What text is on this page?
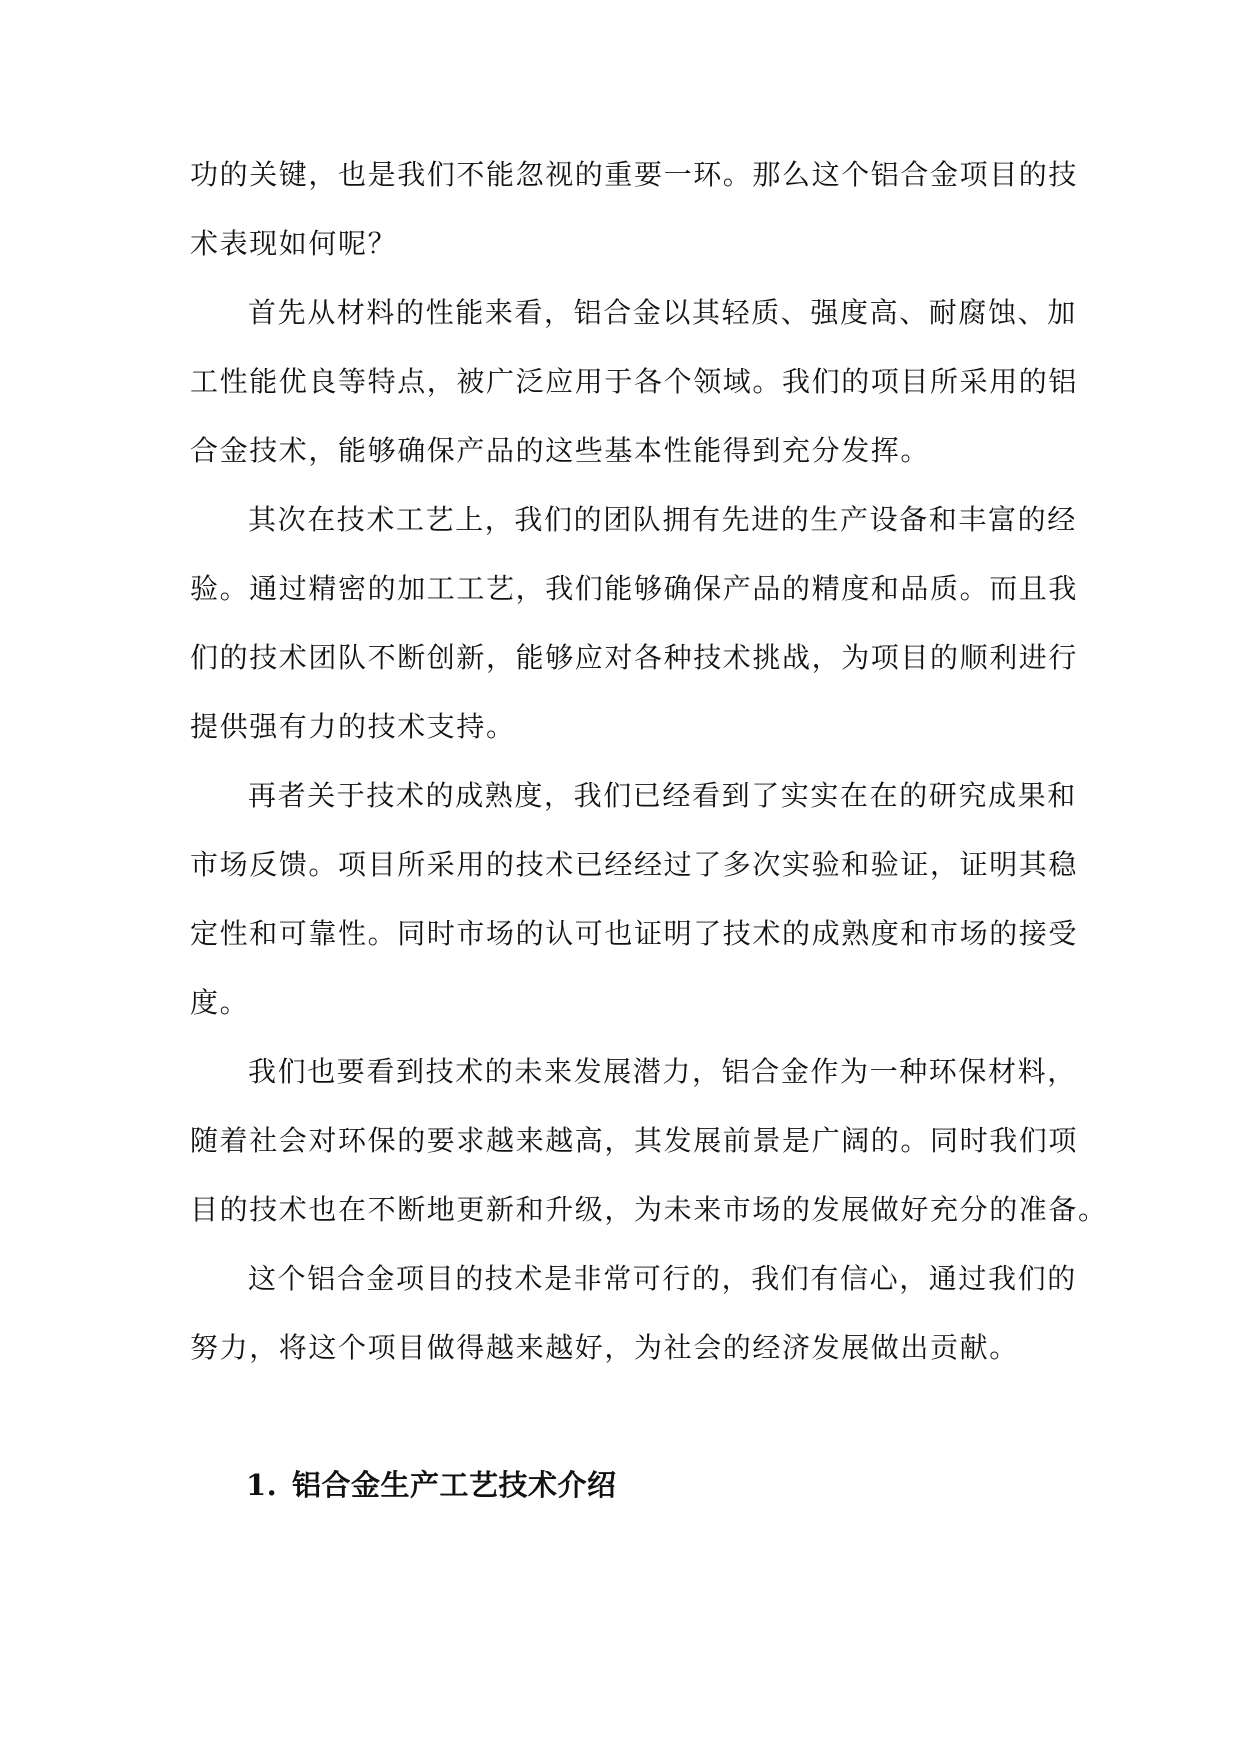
功的关键，也是我们不能忽视的重要一环。那么这个铝合金项目的技
术表现如何呢？
首先从材料的性能来看，铝合金以其轻质、强度高、耐腐蚀、加
工性能优良等特点，被广泛应用于各个领域。我们的项目所采用的铝
合金技术，能够确保产品的这些基本性能得到充分发挥。
其次在技术工艺上，我们的团队拥有先进的生产设备和丰富的经
验。通过精密的加工工艺，我们能够确保产品的精度和品质。而且我
们的技术团队不断创新，能够应对各种技术挑战，为项目的顺利进行
提供强有力的技术支持。
再者关于技术的成熟度，我们已经看到了实实在在的研究成果和
市场反馈。项目所采用的技术已经经过了多次实验和验证，证明其稳
定性和可靠性。同时市场的认可也证明了技术的成熟度和市场的接受
度。
我们也要看到技术的未来发展潜力，铝合金作为一种环保材料，
随着社会对环保的要求越来越高，其发展前景是广阔的。同时我们项
目的技术也在不断地更新和升级，为未来市场的发展做好充分的准备。
这个铝合金项目的技术是非常可行的，我们有信心，通过我们的
努力，将这个项目做得越来越好，为社会的经济发展做出贡献。
1. 铝合金生产工艺技术介绍
